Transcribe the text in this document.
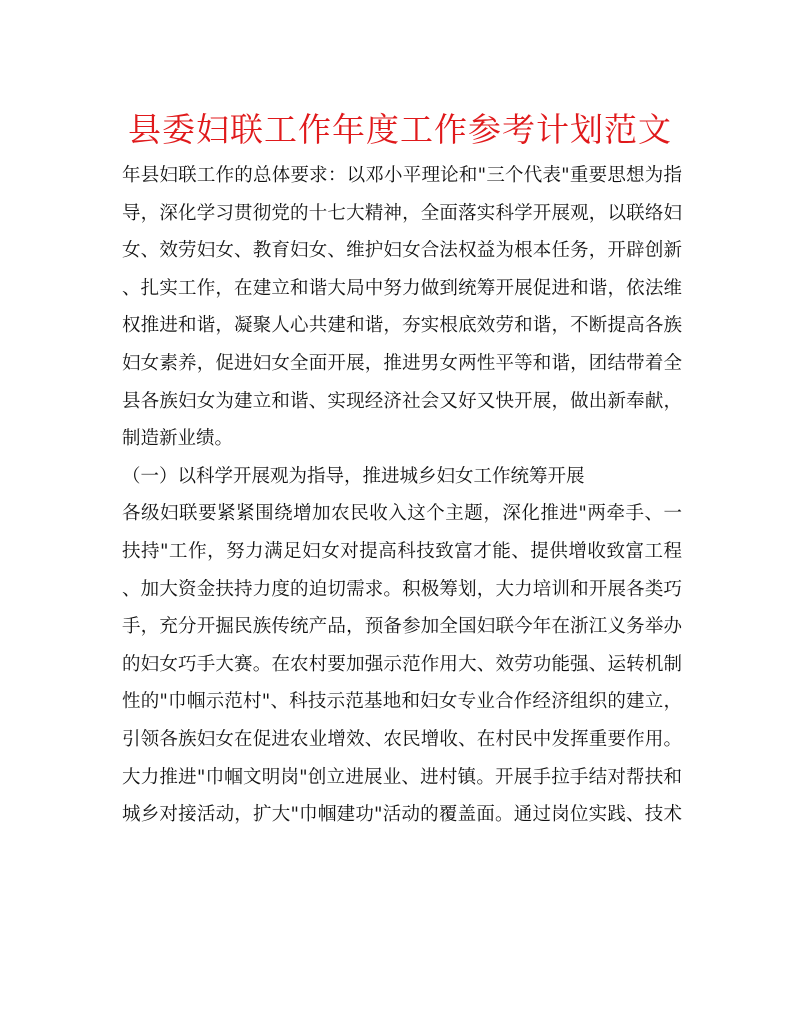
县委妇联工作年度工作参考计划范文
年县妇联工作的总体要求：以邓小平理论和"三个代表"重要思想为指
导，深化学习贯彻党的十七大精神，全面落实科学开展观，以联络妇
女、效劳妇女、教育妇女、维护妇女合法权益为根本任务，开辟创新
、扎实工作，在建立和谐大局中努力做到统筹开展促进和谐，依法维
权推进和谐，凝聚人心共建和谐，夯实根底效劳和谐，不断提高各族
妇女素养，促进妇女全面开展，推进男女两性平等和谐，团结带着全
县各族妇女为建立和谐、实现经济社会又好又快开展，做出新奉献，
制造新业绩。
（一）以科学开展观为指导，推进城乡妇女工作统筹开展
各级妇联要紧紧围绕增加农民收入这个主题，深化推进"两牵手、一
扶持"工作，努力满足妇女对提高科技致富才能、提供增收致富工程
、加大资金扶持力度的迫切需求。积极筹划，大力培训和开展各类巧
手，充分开掘民族传统产品，预备参加全国妇联今年在浙江义务举办
的妇女巧手大赛。在农村要加强示范作用大、效劳功能强、运转机制
性的"巾帼示范村"、科技示范基地和妇女专业合作经济组织的建立，
引领各族妇女在促进农业增效、农民增收、在村民中发挥重要作用。
大力推进"巾帼文明岗"创立进展业、进村镇。开展手拉手结对帮扶和
城乡对接活动，扩大"巾帼建功"活动的覆盖面。通过岗位实践、技术
